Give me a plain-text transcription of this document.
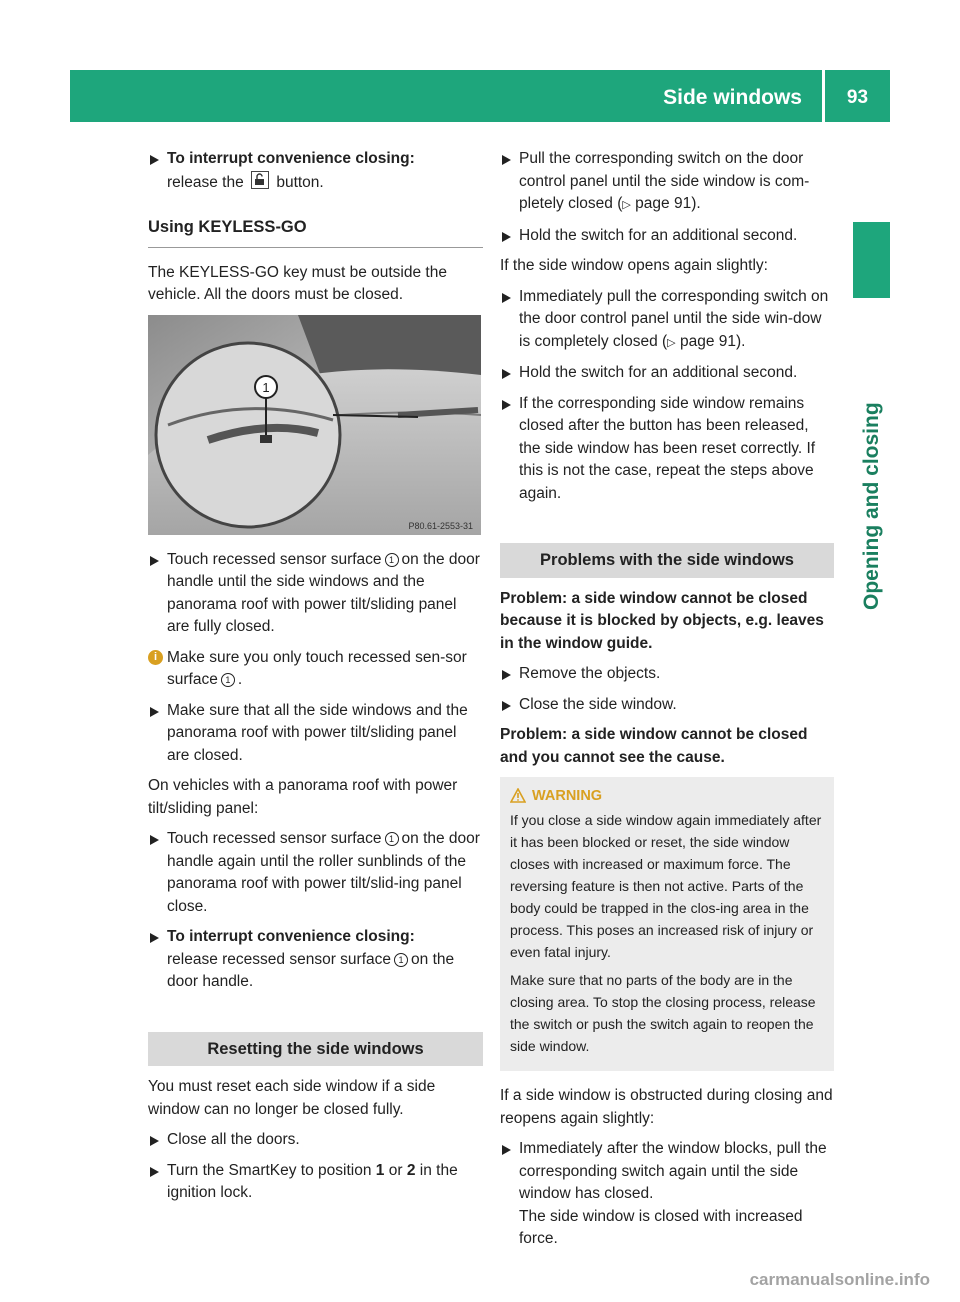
Side windows	93
Opening and closing
To interrupt convenience closing:
release the button.
Using KEYLESS-GO

The KEYLESS-GO key must be outside the vehicle. All the doors must be closed.

1
P80.61-2553-31
Touch recessed sensor surface 1 on the door handle until the side windows and the panorama roof with power tilt/sliding panel are fully closed.
i Make sure you only touch recessed sen-sor surface 1 .
Make sure that all the side windows and the panorama roof with power tilt/sliding panel are closed.

On vehicles with a panorama roof with power tilt/sliding panel:

Touch recessed sensor surface 1 on the door handle again until the roller sunblinds of the panorama roof with power tilt/slid-ing panel close.
To interrupt convenience closing:
release recessed sensor surface 1 on the door handle.
Resetting the side windows

You must reset each side window if a side window can no longer be closed fully.

Close all the doors.
Turn the SmartKey to position 1 or 2 in the ignition lock.
Pull the corresponding switch on the door control panel until the side window is com-pletely closed (▷ page 91).
Hold the switch for an additional second.

If the side window opens again slightly:

Immediately pull the corresponding switch on the door control panel until the side win-dow is completely closed (▷ page 91).
Hold the switch for an additional second.
If the corresponding side window remains closed after the button has been released, the side window has been reset correctly. If this is not the case, repeat the steps above again.
Problems with the side windows

Problem: a side window cannot be closed because it is blocked by objects, e.g. leaves in the window guide.

Remove the objects.
Close the side window.

Problem: a side window cannot be closed and you cannot see the cause.

WARNING

If you close a side window again immediately after it has been blocked or reset, the side window closes with increased or maximum force. The reversing feature is then not active. Parts of the body could be trapped in the clos-ing area in the process. This poses an increased risk of injury or even fatal injury.

Make sure that no parts of the body are in the closing area. To stop the closing process, release the switch or push the switch again to reopen the side window.

If a side window is obstructed during closing and reopens again slightly:

Immediately after the window blocks, pull the corresponding switch again until the side window has closed.
The side window is closed with increased force.
carmanualsonline.info
